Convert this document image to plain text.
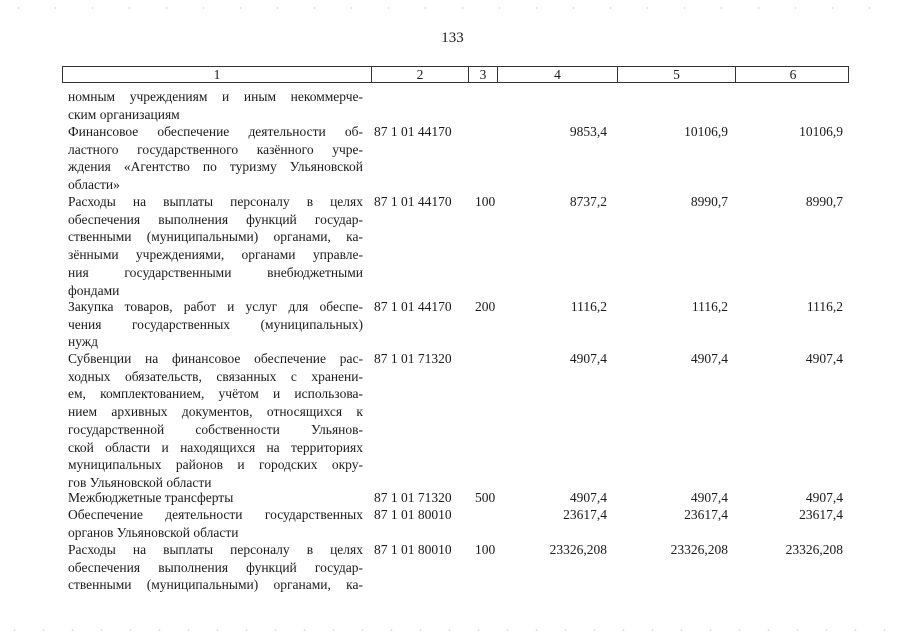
133
1	2	3	4	5	6
номным учреждениям и иным некоммерче-
ским организациям
Финансовое обеспечение деятельности об-
ластного государственного казённого учре-
ждения «Агентство по туризму Ульяновской
области»
87 1 01 44170	9853,4	10106,9	10106,9
Расходы на выплаты персоналу в целях
обеспечения выполнения функций государ-
ственными (муниципальными) органами, ка-
зёнными учреждениями, органами управле-
ния государственными внебюджетными
фондами
87 1 01 44170 100	8737,2	8990,7	8990,7
Закупка товаров, работ и услуг для обеспе-
чения государственных (муниципальных)
нужд
87 1 01 44170 200	1116,2	1116,2	1116,2
Субвенции на финансовое обеспечение рас-
ходных обязательств, связанных с хранени-
ем, комплектованием, учётом и использова-
нием архивных документов, относящихся к
государственной собственности Ульянов-
ской области и находящихся на территориях
муниципальных районов и городских окру-
гов Ульяновской области
87 1 01 71320	4907,4	4907,4	4907,4
Межбюджетные трансферты	87 1 01 71320 500	4907,4	4907,4	4907,4
Обеспечение деятельности государственных
органов Ульяновской области
87 1 01 80010	23617,4	23617,4	23617,4
Расходы на выплаты персоналу в целях
обеспечения выполнения функций государ-
ственными (муниципальными) органами, ка-
87 1 01 80010 100	23326,208	23326,208	23326,208
